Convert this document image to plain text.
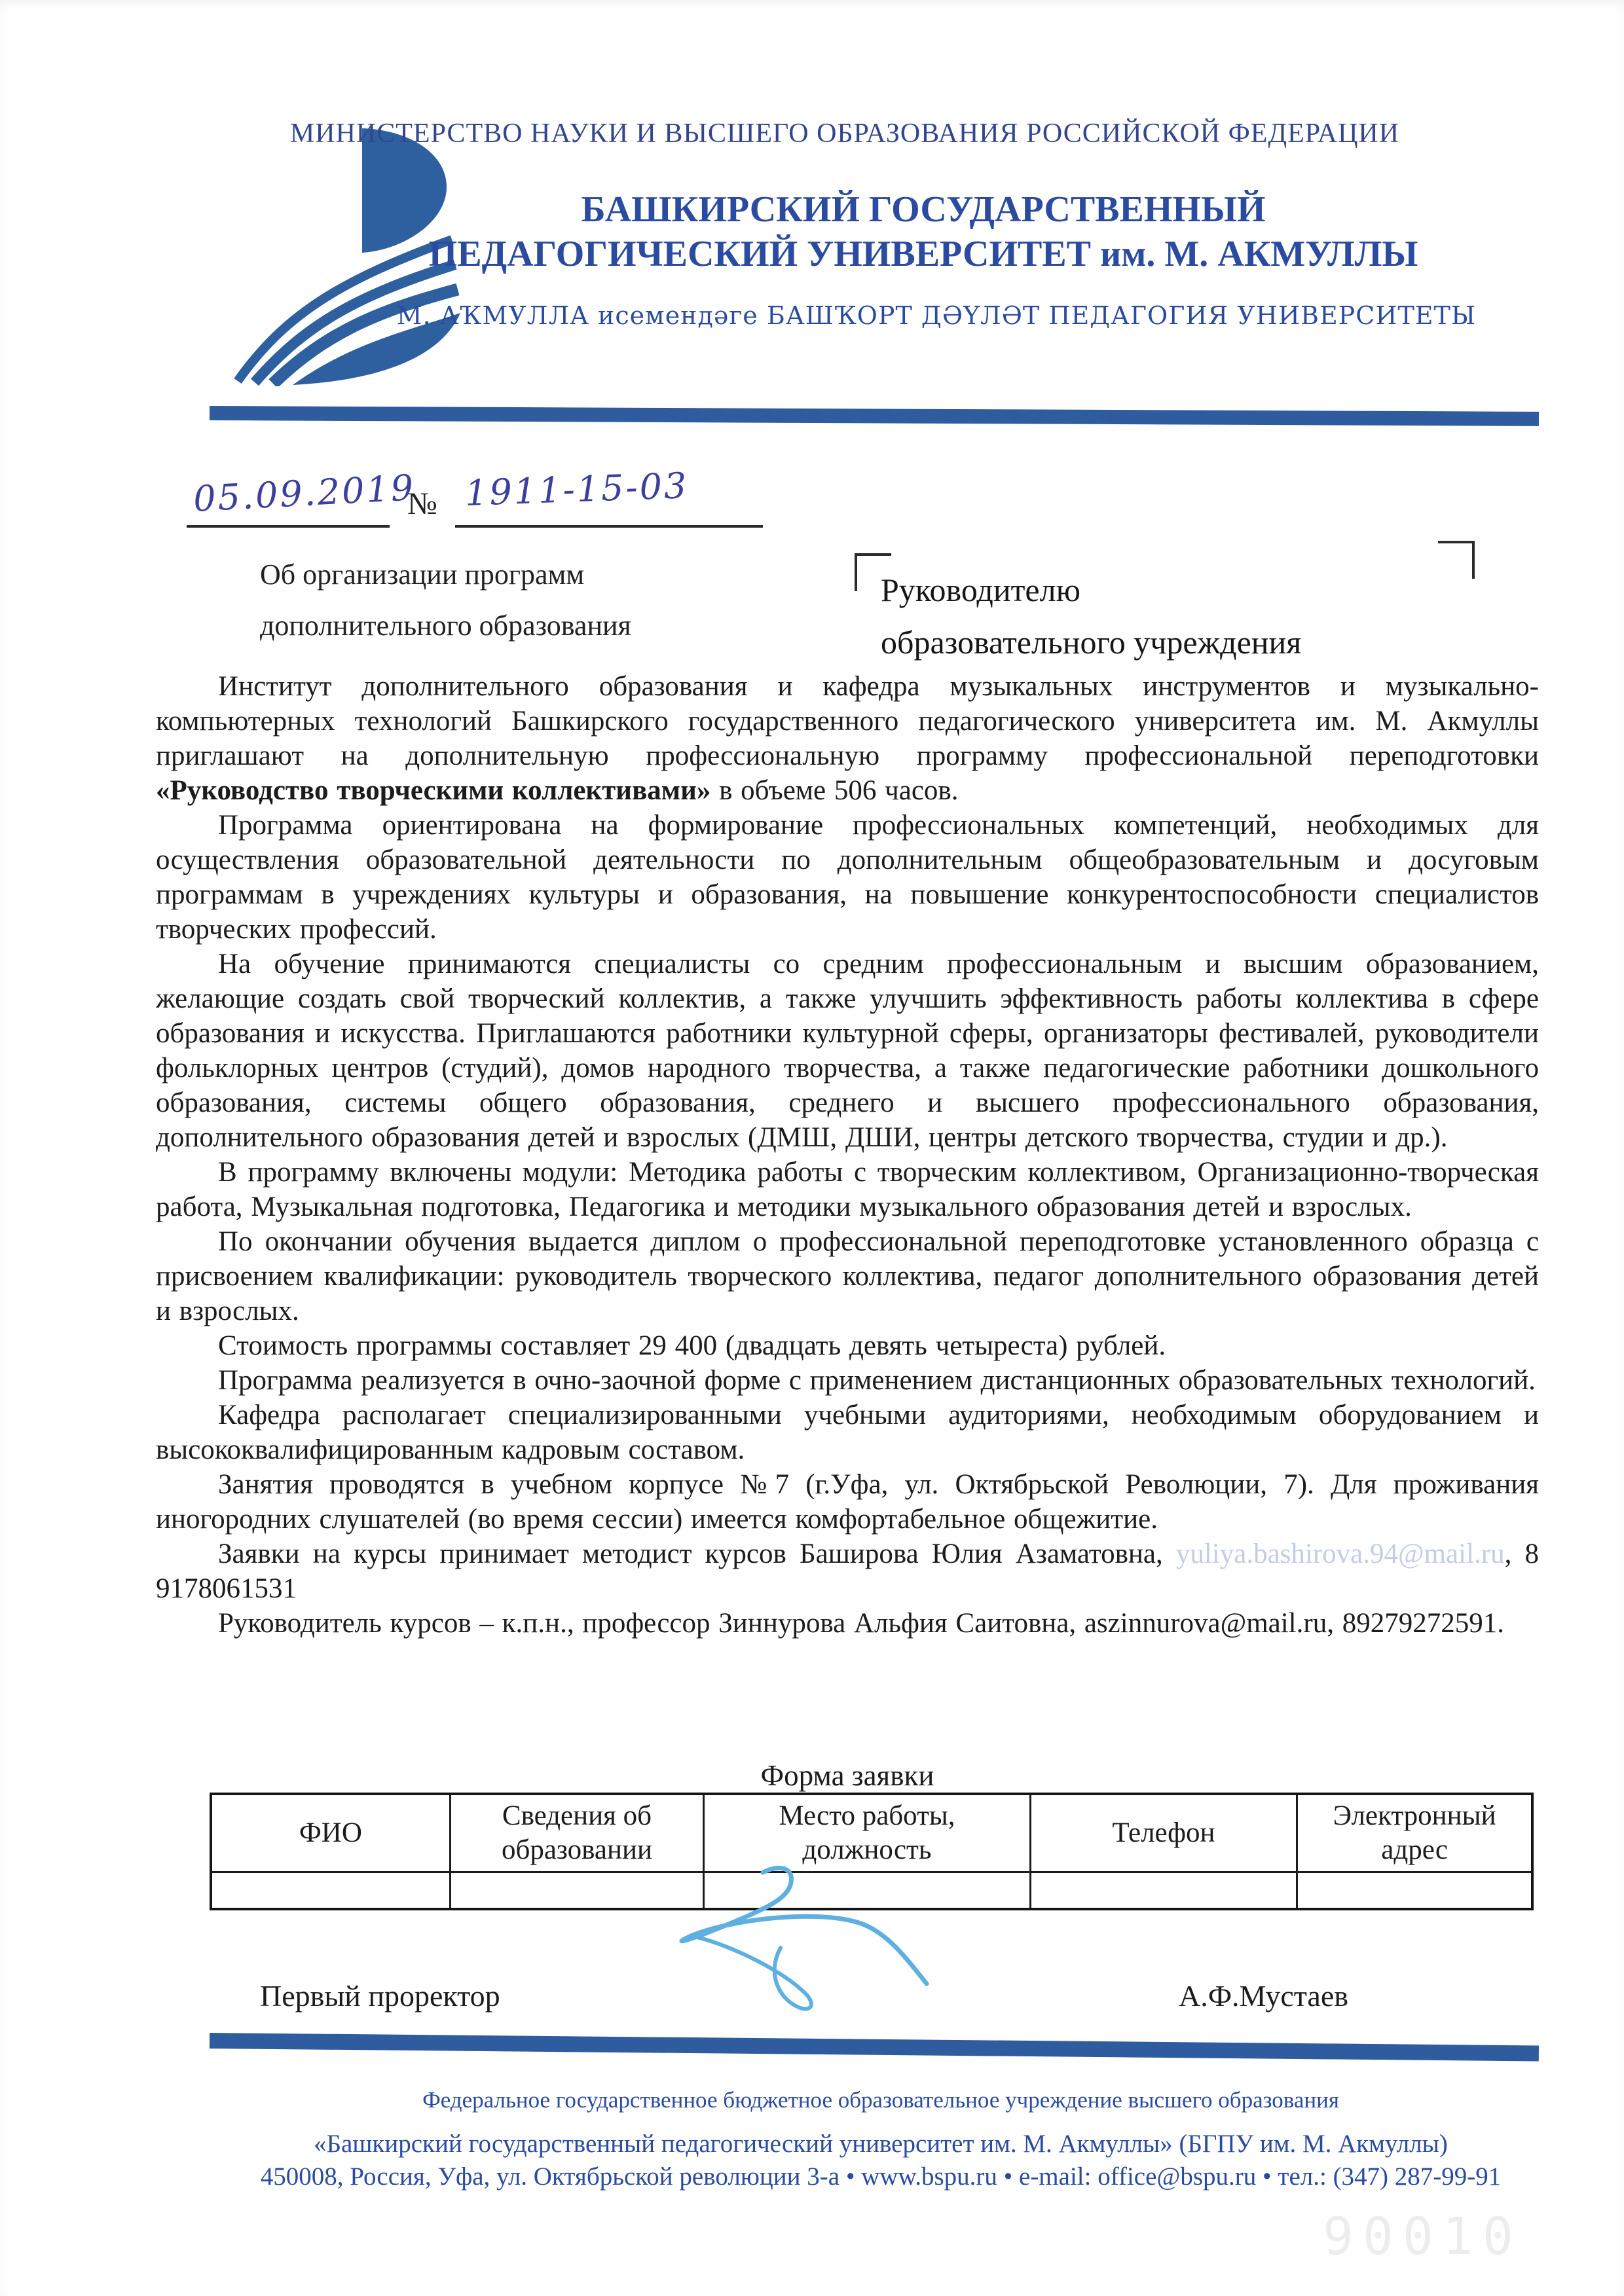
МИНИСТЕРСТВО НАУКИ И ВЫСШЕГО ОБРАЗОВАНИЯ РОССИЙСКОЙ ФЕДЕРАЦИИ
БАШКИРСКИЙ ГОСУДАРСТВЕННЫЙ
ПЕДАГОГИЧЕСКИЙ УНИВЕРСИТЕТ им. М. АКМУЛЛЫ
М. АҠМУЛЛА исемендәге БАШҠОРТ ДӘҮЛӘТ ПЕДАГОГИЯ УНИВЕРСИТЕТЫ
05.09.2019
№ 1911-15-03
Об организации программ
дополнительного образования
Руководителю
образовательного учреждения

Институт дополнительного образования и кафедра музыкальных инструментов и музыкально-компьютерных технологий Башкирского государственного педагогического университета им. М. Акмуллы приглашают на дополнительную профессиональную программу профессиональной переподготовки «Руководство творческими коллективами» в объеме 506 часов.

Программа ориентирована на формирование профессиональных компетенций, необходимых для осуществления образовательной деятельности по дополнительным общеобразовательным и досуговым программам в учреждениях культуры и образования, на повышение конкурентоспособности специалистов творческих профессий.

На обучение принимаются специалисты со средним профессиональным и высшим образованием, желающие создать свой творческий коллектив, а также улучшить эффективность работы коллектива в сфере образования и искусства. Приглашаются работники культурной сферы, организаторы фестивалей, руководители фольклорных центров (студий), домов народного творчества, а также педагогические работники дошкольного образования, системы общего образования, среднего и высшего профессионального образования, дополнительного образования детей и взрослых (ДМШ, ДШИ, центры детского творчества, студии и др.).

В программу включены модули: Методика работы с творческим коллективом, Организационно-творческая работа, Музыкальная подготовка, Педагогика и методики музыкального образования детей и взрослых.

По окончании обучения выдается диплом о профессиональной переподготовке установленного образца с присвоением квалификации: руководитель творческого коллектива, педагог дополнительного образования детей и взрослых.

Стоимость программы составляет 29 400 (двадцать девять четыреста) рублей.

Программа реализуется в очно-заочной форме с применением дистанционных образовательных технологий.

Кафедра располагает специализированными учебными аудиториями, необходимым оборудованием и высококвалифицированным кадровым составом.

Занятия проводятся в учебном корпусе №7 (г.Уфа, ул. Октябрьской Революции, 7). Для проживания иногородних слушателей (во время сессии) имеется комфортабельное общежитие.

Заявки на курсы принимает методист курсов Баширова Юлия Азаматовна, yuliya.bashirova.94@mail.ru, 8 9178061531

Руководитель курсов – к.п.н., профессор Зиннурова Альфия Саитовна, aszinnurova@mail.ru, 89279272591.

Форма заявки
ФИО	Сведения об образовании	Место работы, должность	Телефон	Электронный адрес

Первый проректор	А.Ф.Мустаев
Федеральное государственное бюджетное образовательное учреждение высшего образования
«Башкирский государственный педагогический университет им. М. Акмуллы» (БГПУ им. М. Акмуллы)
450008, Россия, Уфа, ул. Октябрьской революции 3-а • www.bspu.ru • e-mail: office@bspu.ru • тел.: (347) 287-99-91
90010
